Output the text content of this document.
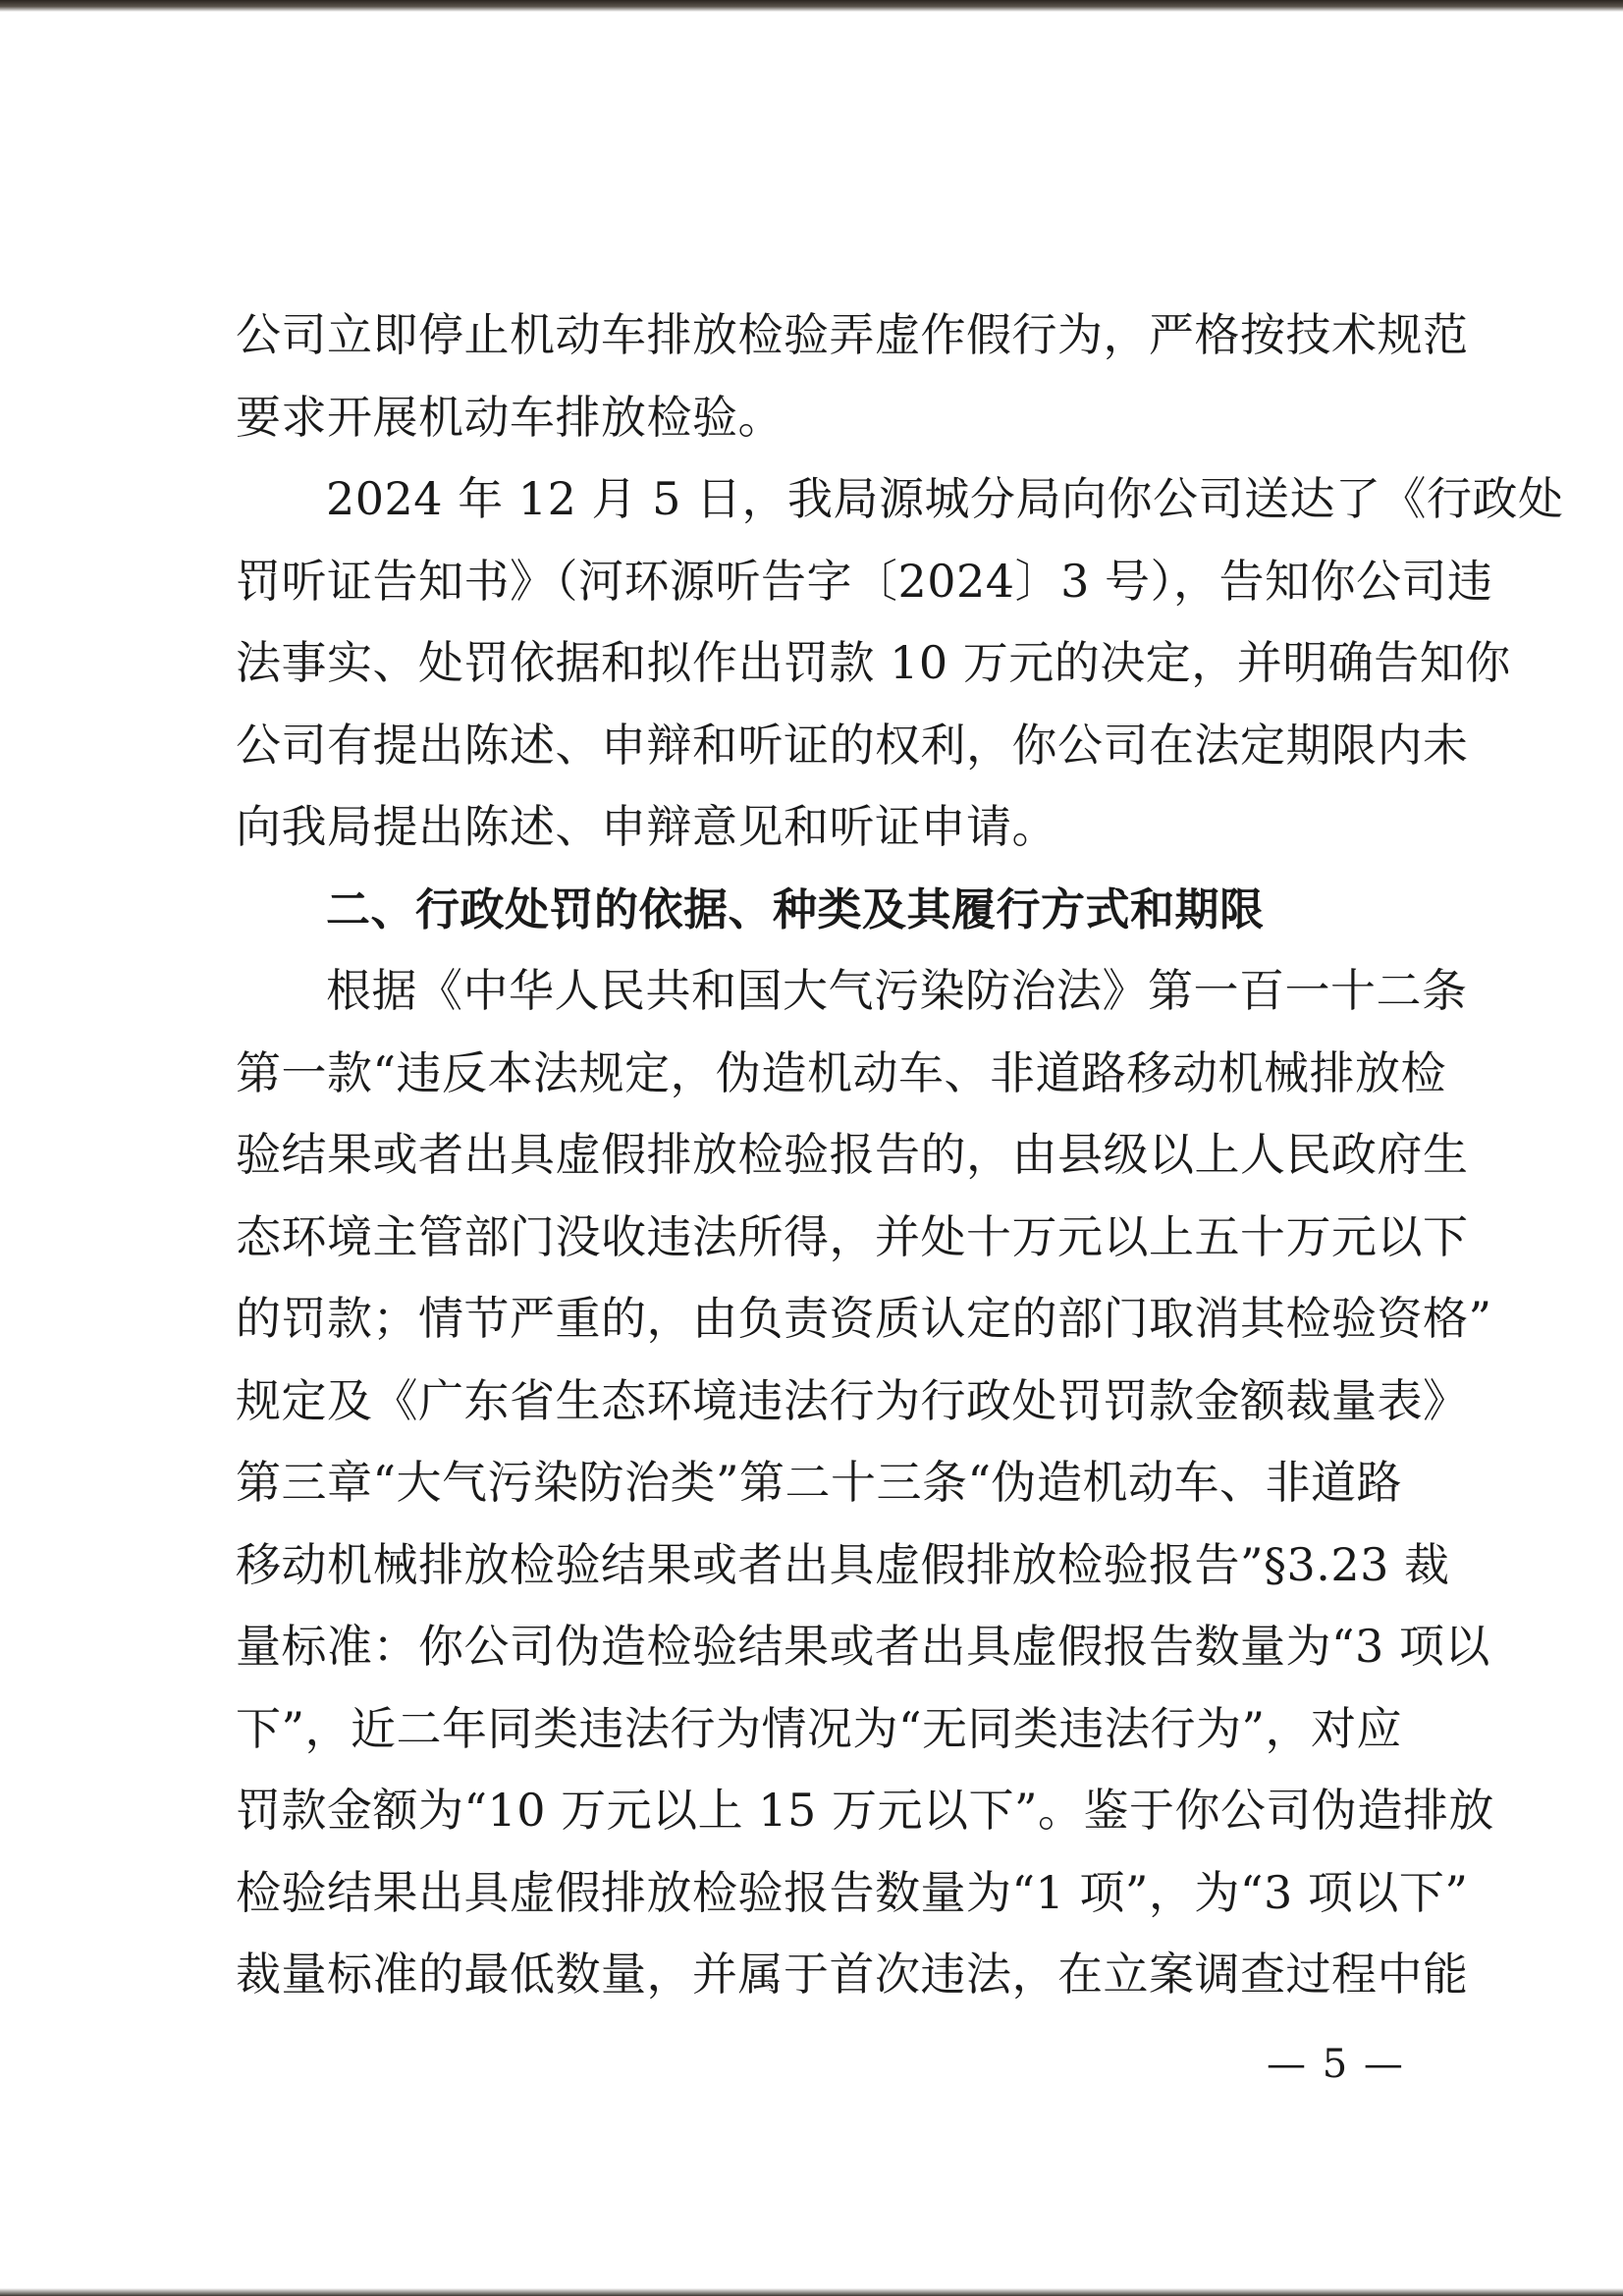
公司立即停止机动车排放检验弄虚作假行为，严格按技术规范
要求开展机动车排放检验。
2024 年 12 月 5 日，我局源城分局向你公司送达了《行政处
罚听证告知书》（河环源听告字〔2024〕3 号），告知你公司违
法事实、处罚依据和拟作出罚款 10 万元的决定，并明确告知你
公司有提出陈述、申辩和听证的权利，你公司在法定期限内未
向我局提出陈述、申辩意见和听证申请。
二、行政处罚的依据、种类及其履行方式和期限
根据《中华人民共和国大气污染防治法》第一百一十二条
第一款“违反本法规定，伪造机动车、非道路移动机械排放检
验结果或者出具虚假排放检验报告的，由县级以上人民政府生
态环境主管部门没收违法所得，并处十万元以上五十万元以下
的罚款；情节严重的，由负责资质认定的部门取消其检验资格”
规定及《广东省生态环境违法行为行政处罚罚款金额裁量表》
第三章“大气污染防治类”第二十三条“伪造机动车、非道路
移动机械排放检验结果或者出具虚假排放检验报告”§3.23 裁
量标准：你公司伪造检验结果或者出具虚假报告数量为“3 项以
下”，近二年同类违法行为情况为“无同类违法行为”，对应
罚款金额为“10 万元以上 15 万元以下”。鉴于你公司伪造排放
检验结果出具虚假排放检验报告数量为“1 项”，为“3 项以下”
裁量标准的最低数量，并属于首次违法，在立案调查过程中能
— 5 —
